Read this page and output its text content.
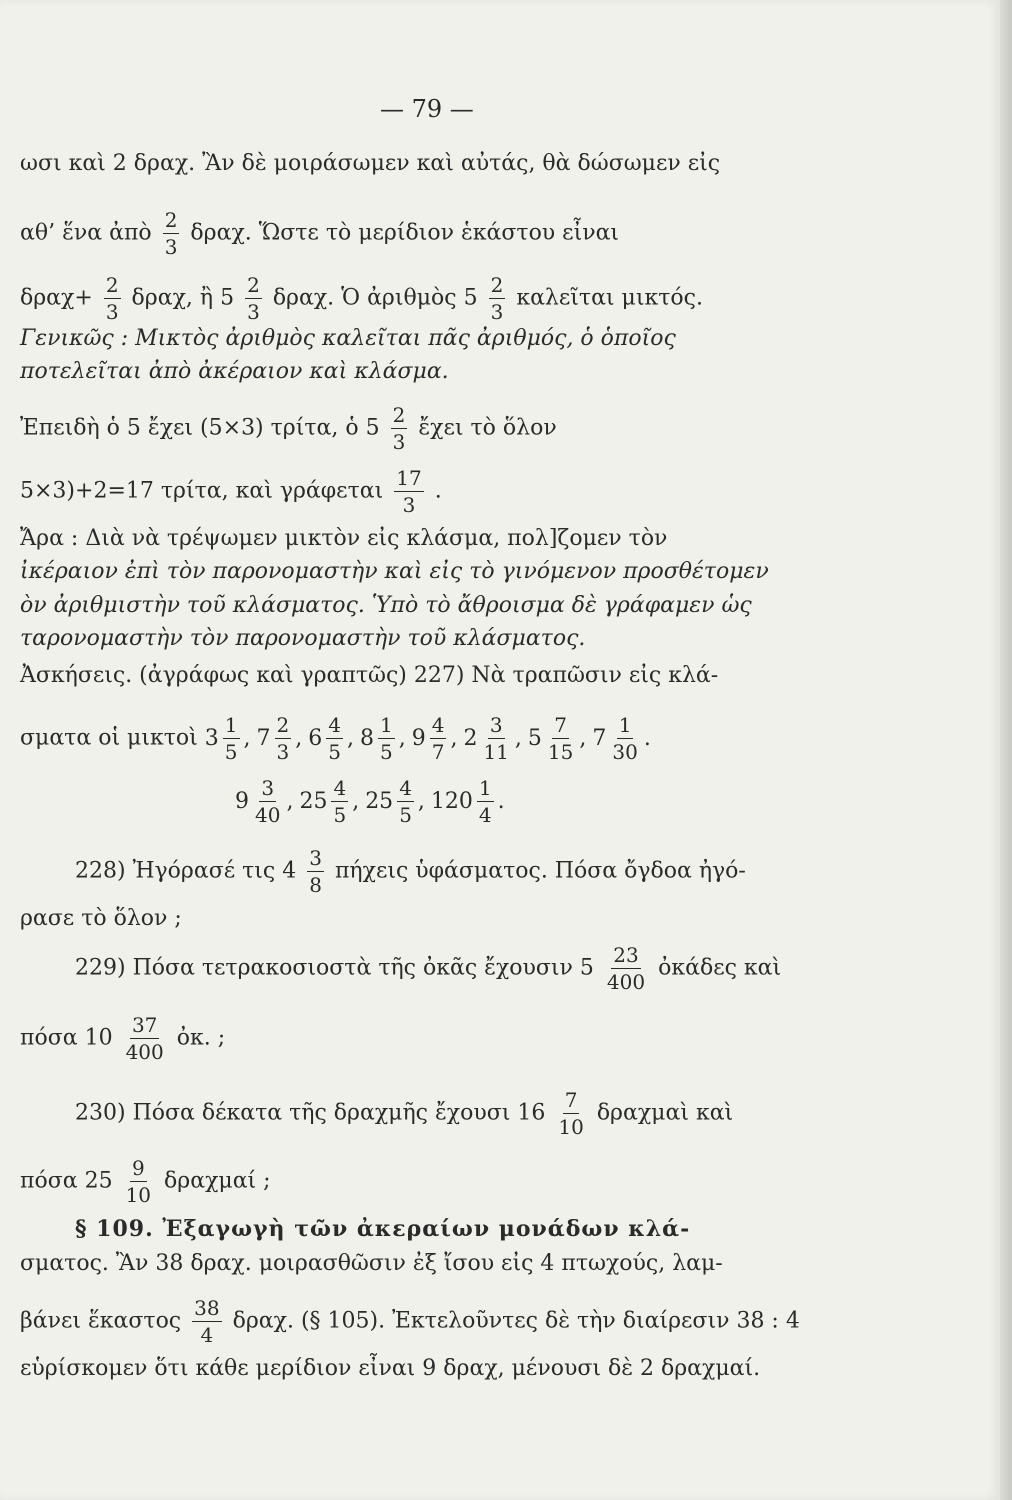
— 79 —
ωσι καὶ 2 δραχ. Ἂν δὲ μοιράσωμεν καὶ αὐτάς, θὰ δώσωμεν εἰς
αθ’ ἕνα ἀπὸ $\frac{2}{3} \delta\rho\alpha\chi$. Ὥστε τὸ μερίδιον ἑκάστου εἶναι
$\delta\rho\alpha\chi+ \frac{2}{3} \delta\rho\alpha\chi$, ἢ $5 \frac{2}{3} \delta\rho\alpha\chi$. Ὁ ἀριθμὸς $5 \frac{2}{3}$ καλεῖται μικτός.
Γενικῶς : Μικτὸς ἀριθμὸς καλεῖται πᾶς ἀριθμός, ὁ ὁποῖος
ποτελεῖται ἀπὸ ἀκέραιον καὶ κλάσμα.
Ἐπειδὴ ὁ 5 ἔχει (5×3) τρίτα, ὁ $5 \frac{2}{3}$ ἔχει τὸ ὅλον
5×3)+2=17 τρίτα, καὶ γράφεται $\frac{17}{3}$ .
Ἄρα : Διὰ νὰ τρέψωμεν μικτὸν εἰς κλάσμα, πολ]ζομεν τὸν
ἰκέραιον ἐπὶ τὸν παρονομαστὴν καὶ εἰς τὸ γινόμενον προσθέτομεν
ὸν ἀριθμιστὴν τοῦ κλάσματος. Ὑπὸ τὸ ἄθροισμα δὲ γράφαμεν ὡς
ταρονομαστὴν τὸν παρονομαστὴν τοῦ κλάσματος.
Ἀσκήσεις. (ἀγράφως καὶ γραπτῶς) 227) Νὰ τραπῶσιν εἰς κλά-
σματα οἱ μικτοὶ $3 \frac{1}{5}$ , $7 \frac{2}{3}$ , $6 \frac{4}{5}$ , $8 \frac{1}{5}$ , $9 \frac{4}{7}$ , $2 \frac{3}{11}$ , $5 \frac{7}{15}$ , $7 \frac{1}{30}$ .
$9 \frac{3}{40}$ , $25 \frac{4}{5}$ , $25 \frac{4}{5}$ , $120 \frac{1}{4}$ .
228) Ἠγόρασέ τις $4 \frac{3}{8}$ πήχεις ὑφάσματος. Πόσα ὄγδοα ἠγό-
ρασε τὸ ὅλον ;
229) Πόσα τετρακοσιοστὰ τῆς ὀκᾶς ἔχουσιν $5 \frac{23}{400}$ ὀκάδες καὶ
πόσα $10 \frac{37}{400}$ ὀκ. ;
230) Πόσα δέκατα τῆς δραχμῆς ἔχουσι $16 \frac{7}{10}$ δραχμαὶ καὶ
πόσα $25 \frac{9}{10}$ δραχμαί ;
§ 109. Ἐξαγωγὴ τῶν ἀκεραίων μονάδων κλά-
σματος. Ἂν 38 δραχ. μοιρασθῶσιν ἐξ ἴσου εἰς 4 πτωχούς, λαμ-
βάνει ἕκαστος $\frac{38}{4} \delta\rho\alpha\chi$. (§ 105). Ἐκτελοῦντες δὲ τὴν διαίρεσιν 38 : 4
εὑρίσκομεν ὅτι κάθε μερίδιον εἶναι 9 δραχ, μένουσι δὲ 2 δραχμαί.
